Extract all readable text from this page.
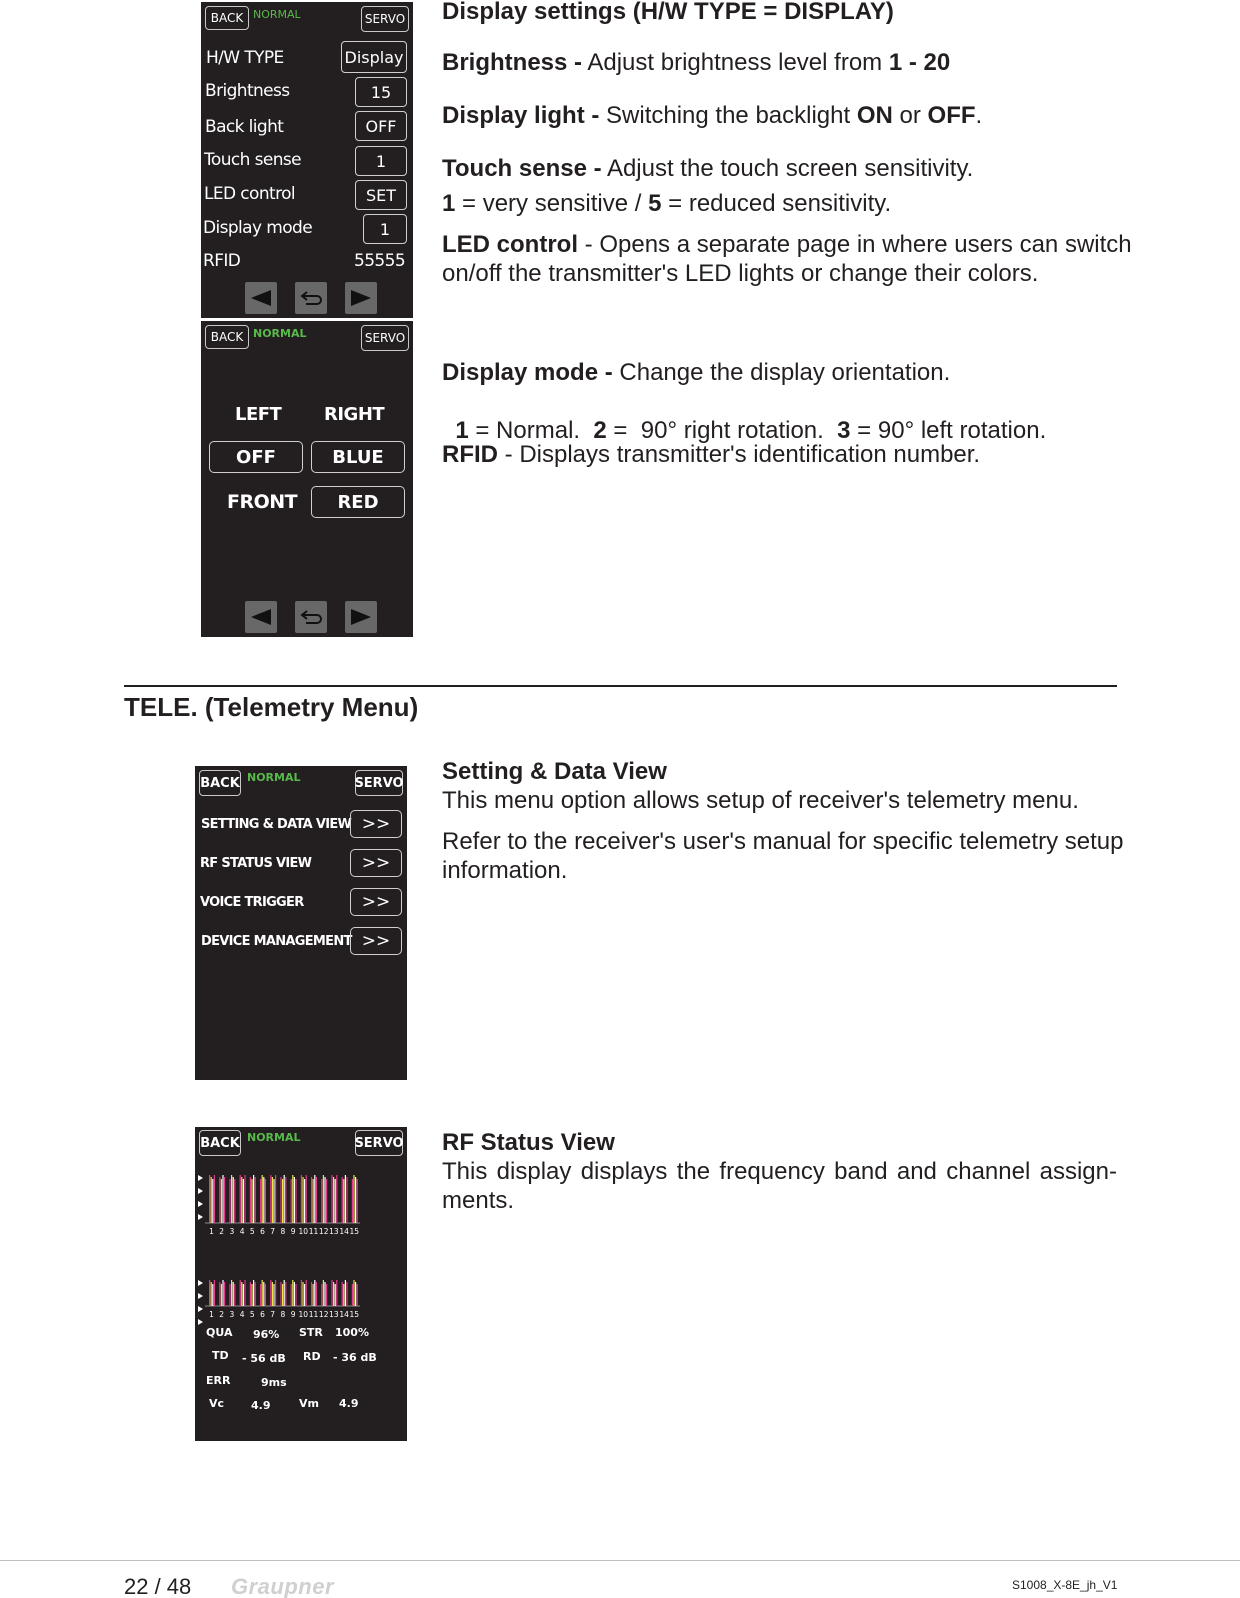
BACK NORMAL	SERVO
H/W TYPE	Display
Brightness	15
Back light	OFF
Touch sense	1
LED control	SET
Display mode	1
RFID	55555
BACK NORMAL	SERVO
LEFT RIGHT
OFF	BLUE
FRONT	RED
Display settings (H/W TYPE = DISPLAY)
Brightness - Adjust brightness level from 1 - 20
Display light - Switching the backlight ON or OFF.
Touch sense - Adjust the touch screen sensitivity.
1 = very sensitive / 5 = reduced sensitivity.
LED control - Opens a separate page in where users can switch
on/off the transmitter's LED lights or change their colors.
Display mode - Change the display orientation.

1 = Normal.  2 =  90° right rotation.  3 = 90° left rotation.

RFID - Displays transmitter's identification number.
TELE. (Telemetry Menu)
BACK NORMAL	SERVO
SETTING & DATA VIEW >>
RF STATUS VIEW	>>
VOICE TRIGGER	>>
DEVICE MANAGEMENT >>
Setting & Data View
This menu option allows setup of receiver's telemetry menu.
Refer to the receiver's user's manual for specific telemetry setup
information.
BACK NORMAL	SERVO
1 2 3 4 5 6 7 8 9 10 11 12 13 14 15
1 2 3 4 5 6 7 8 9 10 11 12 13 14 15
QUA 96% STR 100%
TD - 56 dB RD - 36 dB
ERR	9ms
Vc 4.9	Vm 4.9
RF Status View
This display displays the frequency band and channel assign-
ments.
22 / 48 Graupner	S1008_X-8E_jh_V1
